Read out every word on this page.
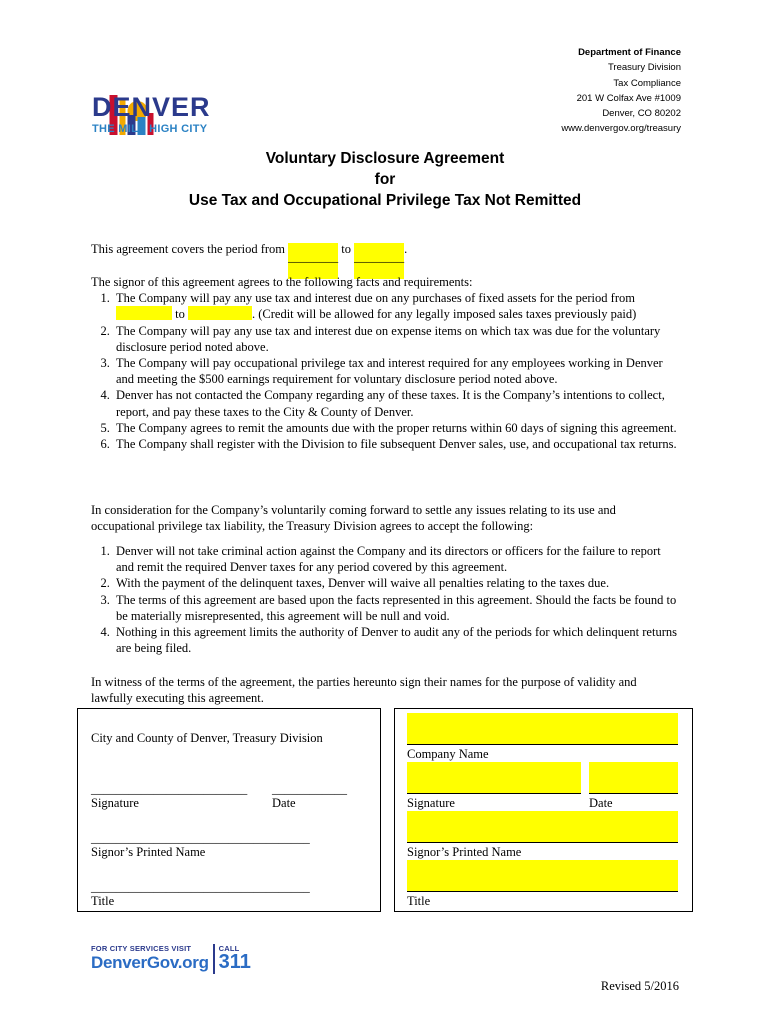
DENVER
THE MILE HIGH CITY
Department of Finance
Treasury Division
Tax Compliance
201 W Colfax Ave #1009
Denver, CO 80202
www.denvergov.org/treasury
Voluntary Disclosure Agreement
for
Use Tax and Occupational Privilege Tax Not Remitted
This agreement covers the period from ________ to ________.
The signor of this agreement agrees to the following facts and requirements:
1. The Company will pay any use tax and interest due on any purchases of fixed assets for the period from  to	. (Credit will be allowed for any legally imposed sales taxes previously paid)
2. The Company will pay any use tax and interest due on expense items on which tax was due for the voluntary disclosure period noted above.
3. The Company will pay occupational privilege tax and interest required for any employees working in Denver and meeting the $500 earnings requirement for voluntary disclosure period noted above.
4. Denver has not contacted the Company regarding any of these taxes. It is the Company’s intentions to collect, report, and pay these taxes to the City & County of Denver.
5. The Company agrees to remit the amounts due with the proper returns within 60 days of signing this agreement.
6. The Company shall register with the Division to file subsequent Denver sales, use, and occupational tax returns.
In consideration for the Company’s voluntarily coming forward to settle any issues relating to its use and occupational privilege tax liability, the Treasury Division agrees to accept the following:
1. Denver will not take criminal action against the Company and its directors or officers for the failure to report and remit the required Denver taxes for any period covered by this agreement.
2. With the payment of the delinquent taxes, Denver will waive all penalties relating to the taxes due.
3. The terms of this agreement are based upon the facts represented in this agreement. Should the facts be found to be materially misrepresented, this agreement will be null and void.
4. Nothing in this agreement limits the authority of Denver to audit any of the periods for which delinquent returns are being filed.
In witness of the terms of the agreement, the parties hereunto sign their names for the purpose of validity and lawfully executing this agreement.
City and County of Denver, Treasury Division
_________________________ ____________
Signature	Date
___________________________________
Signor’s Printed Name
___________________________________
Title
Company Name
Signature	Date
Signor’s Printed Name
Title
FOR CITY SERVICES VISIT
DenverGov.org
CALL
311
Revised 5/2016
